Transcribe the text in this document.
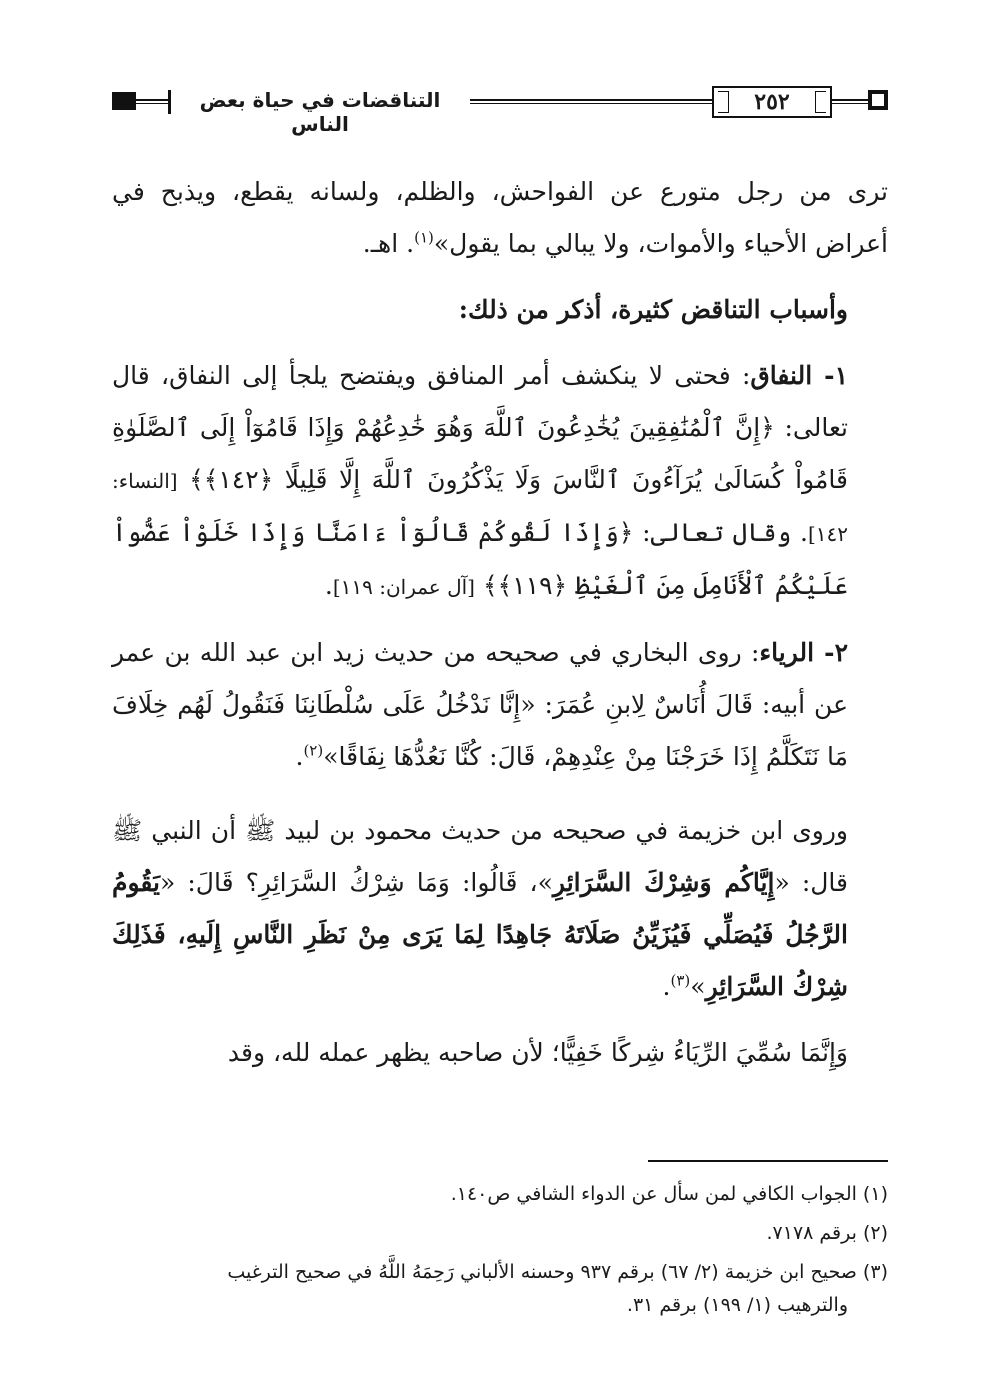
٢٥٢
التناقضات في حياة بعض الناس

ترى من رجل متورع عن الفواحش، والظلم، ولسانه يقطع، ويذبح في أعراض الأحياء والأموات، ولا يبالي بما يقول»$^{(١)}$. اهـ.

وأسباب التناقض كثيرة، أذكر من ذلك:

١- النفاق: فحتى لا ينكشف أمر المنافق ويفتضح يلجأ إلى النفاق، قال تعالى: ﴿إِنَّ ٱلْمُنَٰفِقِينَ يُخَٰدِعُونَ ٱللَّهَ وَهُوَ خَٰدِعُهُمْ وَإِذَا قَامُوٓاْ إِلَى ٱلصَّلَوٰةِ قَامُواْ كُسَالَىٰ يُرَآءُونَ ٱلنَّاسَ وَلَا يَذْكُرُونَ ٱللَّهَ إِلَّا قَلِيلًا ﴿١٤٢﴾﴾ [النساء: ١٤٢]. وقال تعالى: ﴿وَإِذَا لَقُوكُمْ قَالُوٓاْ ءَامَنَّا وَإِذَا خَلَوْاْ عَضُّواْ عَلَيْكُمُ ٱلْأَنَامِلَ مِنَ ٱلْغَيْظِ ﴿١١٩﴾﴾ [آل عمران: ١١٩].

٢- الرياء: روى البخاري في صحيحه من حديث زيد ابن عبد الله بن عمر عن أبيه: قَالَ أُنَاسٌ لِابنِ عُمَرَ: «إِنَّا نَدْخُلُ عَلَى سُلْطَانِنَا فَنَقُولُ لَهُم خِلَافَ مَا نَتَكَلَّمُ إِذَا خَرَجْنَا مِنْ عِنْدِهِمْ، قَالَ: كُنَّا نَعُدُّهَا نِفَاقًا»$^{(٢)}$.

وروى ابن خزيمة في صحيحه من حديث محمود بن لبيد ﷺ أن النبي ﷺ قال: «إِيَّاكُم وَشِرْكَ السَّرَائِرِ»، قَالُوا: وَمَا شِرْكُ السَّرَائِرِ؟ قَالَ: «يَقُومُ الرَّجُلُ فَيُصَلِّي فَيُزَيِّنُ صَلَاتَهُ جَاهِدًا لِمَا يَرَى مِنْ نَظَرِ النَّاسِ إِلَيهِ، فَذَلِكَ شِرْكُ السَّرَائِرِ»$^{(٣)}$.

وَإِنَّمَا سُمِّيَ الرِّيَاءُ شِركًا خَفِيًّا؛ لأن صاحبه يظهر عمله لله، وقد

(١) الجواب الكافي لمن سأل عن الدواء الشافي ص١٤٠.

(٢) برقم ٧١٧٨.

(٣) صحيح ابن خزيمة (٢/ ٦٧) برقم ٩٣٧ وحسنه الألباني رَحِمَهُ اللَّهُ في صحيح الترغيب

والترهيب (١/ ١٩٩) برقم ٣١.
